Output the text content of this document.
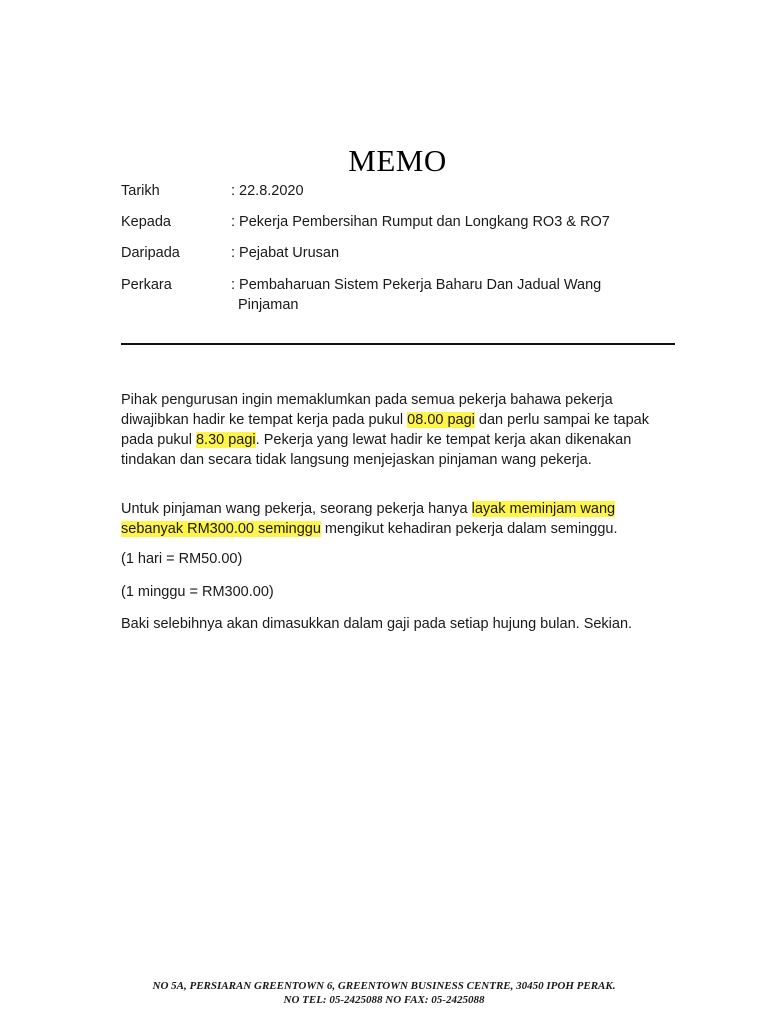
MEMO
Tarikh	: 22.8.2020
Kepada	: Pekerja Pembersihan Rumput dan Longkang RO3 & RO7
Daripada	: Pejabat Urusan
Perkara	: Pembaharuan Sistem Pekerja Baharu Dan Jadual Wang Pinjaman

Pihak pengurusan ingin memaklumkan pada semua pekerja bahawa pekerja diwajibkan hadir ke tempat kerja pada pukul 08.00 pagi dan perlu sampai ke tapak pada pukul 8.30 pagi. Pekerja yang lewat hadir ke tempat kerja akan dikenakan tindakan dan secara tidak langsung menjejaskan pinjaman wang pekerja.

Untuk pinjaman wang pekerja, seorang pekerja hanya layak meminjam wang sebanyak RM300.00 seminggu mengikut kehadiran pekerja dalam seminggu.

(1 hari = RM50.00)

(1 minggu = RM300.00)

Baki selebihnya akan dimasukkan dalam gaji pada setiap hujung bulan. Sekian.

NO 5A, PERSIARAN GREENTOWN 6, GREENTOWN BUSINESS CENTRE, 30450 IPOH PERAK.
NO TEL: 05-2425088 NO FAX: 05-2425088
